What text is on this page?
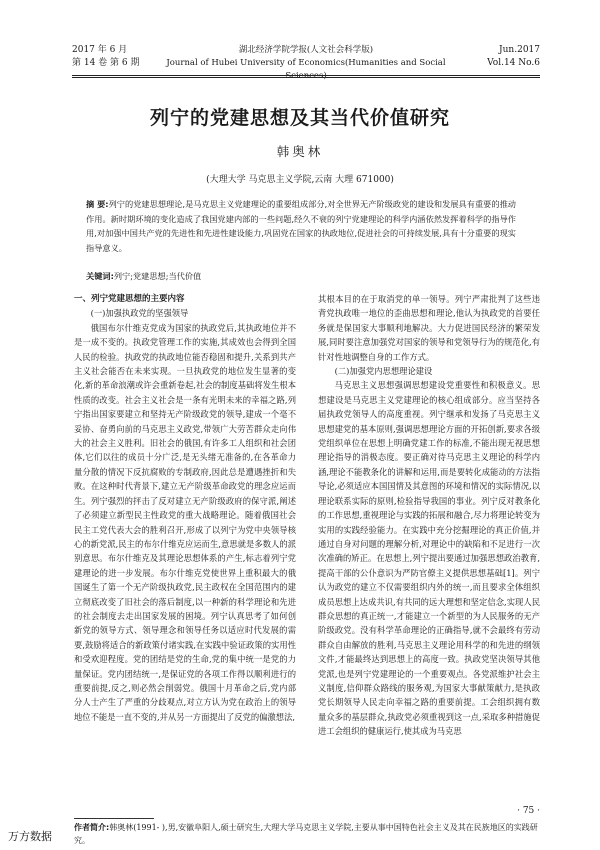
2017 年 6 月
第 14 卷 第 6 期
湖北经济学院学报(人文社会科学版)
Journal of Hubei University of Economics(Humanities and Social Sciences)
Jun.2017
Vol.14 No.6
列宁的党建思想及其当代价值研究
韩奥林
(大理大学 马克思主义学院,云南 大理 671000)
摘 要:列宁的党建思想理论,是马克思主义党建理论的重要组成部分,对全世界无产阶级政党的建设和发展具有重要的推动作用。新时期环境的变化造成了我国党建内部的一些问题,经久不衰的列宁党建理论的科学内涵依然发挥着科学的指导作用,对加强中国共产党的先进性和先进性建设能力,巩固党在国家的执政地位,促进社会的可持续发展,具有十分重要的现实指导意义。
关键词:列宁;党建思想;当代价值
一、列宁党建思想的主要内容
(一)加强执政党的坚强领导

俄国布尔什维克党成为国家的执政党后,其执政地位并不是一成不变的。执政党管理工作的实施,其成效也会得到全国人民的检验。执政党的执政地位能否稳固和提升,关系到共产主义社会能否在未来实现。一旦执政党的地位发生显著的变化,新的革命浪潮或许会重新卷起,社会的制度基础将发生根本性质的改变。社会主义社会是一条有光明未来的幸福之路,列宁指出国家要建立和坚持无产阶级政党的领导,建成一个毫不妥协、奋勇向前的马克思主义政党,带领广大劳苦群众走向伟大的社会主义胜利。旧社会的俄国,有许多工人组织和社会团体,它们以往的成员十分广泛,是无头绪无准备的,在各革命力量分散的情况下反抗腐败的专制政府,因此总是遭遇挫折和失败。在这种时代背景下,建立无产阶级革命政党的理念应运而生。列宁强烈的抨击了反对建立无产阶级政府的保守派,阐述了必须建立新型民主性政党的重大战略理论。随着俄国社会民主工党代表大会的胜利召开,形成了以列宁为党中央领导核心的新党派,民主的布尔什维克应运而生,意思就是多数人的派别意思。布尔什维克及其理论思想体系的产生,标志着列宁党建理论的进一步发展。布尔什维克党使世界上重积最大的俄国诞生了第一个无产阶级执政党,民主政权在全国范围内的建立彻底改变了旧社会的落后制度,以一种新的科学理论和先进的社会制度去走出国家发展的困境。列宁认真思考了如何创新党的领导方式、领导理念和领导任务以适应时代发展的需要,鼓励将适合的新政策付诸实践,在实践中验证政策的实用性和受欢迎程度。党的团结是党的生命,党的集中统一是党的力量保证。党内团结统一,是保证党的各项工作得以顺利进行的重要前提,反之,则必然会削弱党。俄国十月革命之后,党内部分人士产生了严重的分歧观点,对立方认为党在政治上的领导地位不能是一直不变的,并从另一方面提出了反党的偏激想法,

其根本目的在于取消党的单一领导。列宁严肃批判了这些违背党执政唯一地位的歪曲思想和理论,他认为执政党的首要任务就是保国家大事顺利地解决。大力促进国民经济的繁荣发展,同时要注意加强党对国家的领导和党领导行为的规范化,有针对性地调整自身的工作方式。

(二)加强党内思想理论建设

马克思主义思想强调思想建设党重要性和积极意义。思想建设是马克思主义党建理论的核心组成部分。应当坚持各届执政党领导人的高度重视。列宁继承和发扬了马克思主义思想建党的基本原则,强调思想理论方面的开拓创新,要求各级党组织单位在思想上明确党建工作的标准,不能出现无视思想理论指导的消极态度。要正确对待马克思主义理论的科学内涵,理论不能教条化的讲解和运用,而是要转化成能动的方法指导论,必须适应本国国情及其意图的环境和情况的实际情况,以理论联系实际的原则,检验指导我国的事业。列宁反对教条化的工作思想,重视理论与实践的拓展和融合,尽力将理论转变为实用的实践经验能力。在实践中充分挖掘理论的真正价值,并通过自身对问题的理解分析,对理论中的缺陷和不足进行一次次准确的矫正。在思想上,列宁提出要通过加强思想政治教育,提高干部的公仆意识为严防官僚主义提供思想基础[1]。列宁认为政党的建立不仅需要组织内外的统一,而且要求全体组织成员思想上达成共识,有共同的远大理想和坚定信念,实现人民群众思想的真正统一,才能建立一个新型的为人民服务的无产阶级政党。没有科学革命理论的正确指导,就不会最终有劳动群众自由解放的胜利,马克思主义理论用科学的和先进的纲领文件,才能最终达到思想上的高度一致。执政党坚决领导其他党派,也是列宁党建理论的一个重要观点。各党派维护社会主义制度,信仰群众路线的服务观,为国家大事献策献力,是执政党长期领导人民走向幸福之路的重要前提。工会组织拥有数量众多的基层群众,执政党必须重视到这一点,采取多种措施促进工会组织的健康运行,使其成为马克思

· 75 ·
作者简介:韩奥林(1991- ),男,安徽阜阳人,硕士研究生,大理大学马克思主义学院,主要从事中国特色社会主义及其在民族地区的实践研究。
万方数据
